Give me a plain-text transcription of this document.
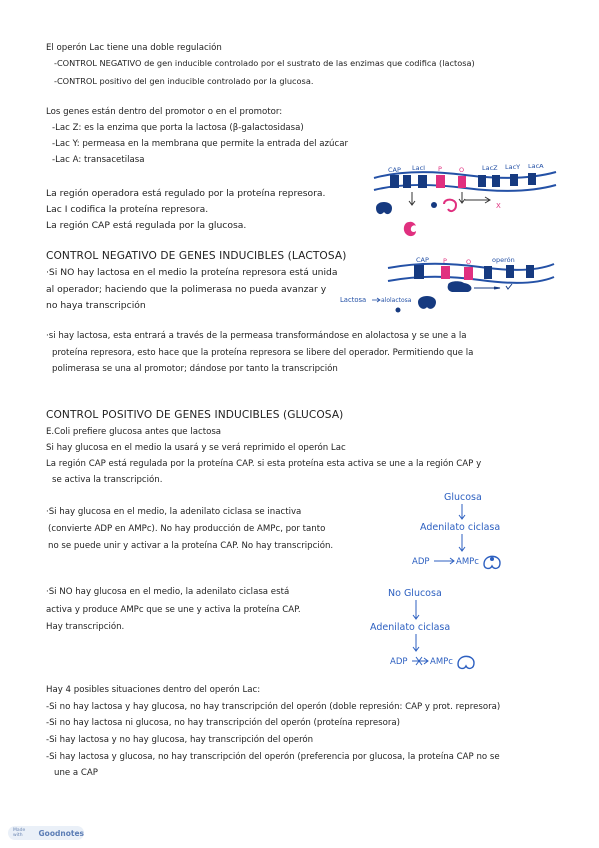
El operón Lac tiene una doble regulación
-CONTROL NEGATIVO de gen inducible controlado por el sustrato de las enzimas que codifica (lactosa)
-CONTROL positivo del gen inducible controlado por la glucosa.
Los genes están dentro del promotor o en el promotor:
-Lac Z: es la enzima que porta la lactosa (β-galactosidasa)
-Lac Y: permeasa en la membrana que permite la entrada del azúcar
-Lac A: transacetilasa
La región operadora está regulado por la proteína represora.
Lac I codifica la proteína represora.
La región CAP está regulada por la glucosa.
CAP LacI P	O	LacZ LacY LacA
X
CONTROL NEGATIVO DE GENES INDUCIBLES (LACTOSA)
·Si NO hay lactosa en el medio la proteína represora está unida
al operador; haciendo que la polimerasa no pueda avanzar y
no haya transcripción
CAP P	O	operón
Lactosa alolactosa
·si hay lactosa, esta entrará a través de la permeasa transformándose en alolactosa y se une a la
proteína represora, esto hace que la proteína represora se libere del operador. Permitiendo que la
polimerasa se una al promotor; dándose por tanto la transcripción
CONTROL POSITIVO DE GENES INDUCIBLES (GLUCOSA)
E.Coli prefiere glucosa antes que lactosa
Si hay glucosa en el medio la usará y se verá reprimido el operón Lac
La región CAP está regulada por la proteína CAP. si esta proteína esta activa se une a la región CAP y
se activa la transcripción.
·Si hay glucosa en el medio, la adenilato ciclasa se inactiva
(convierte ADP en AMPc). No hay producción de AMPc, por tanto
no se puede unir y activar a la proteína CAP. No hay transcripción.
Glucosa
Adenilato ciclasa
ADP	AMPc
·Si NO hay glucosa en el medio, la adenilato ciclasa está
activa y produce AMPc que se une y activa la proteína CAP.
Hay transcripción.
No Glucosa
Adenilato ciclasa
ADP	AMPc
Hay 4 posibles situaciones dentro del operón Lac:
-Si no hay lactosa y hay glucosa, no hay transcripción del operón (doble represión: CAP y prot. represora)
-Si no hay lactosa ni glucosa, no hay transcripción del operón (proteína represora)
-Si hay lactosa y no hay glucosa, hay transcripción del operón
-Si hay lactosa y glucosa, no hay transcripción del operón (preferencia por glucosa, la proteína CAP no se
une a CAP
Made with	Goodnotes
